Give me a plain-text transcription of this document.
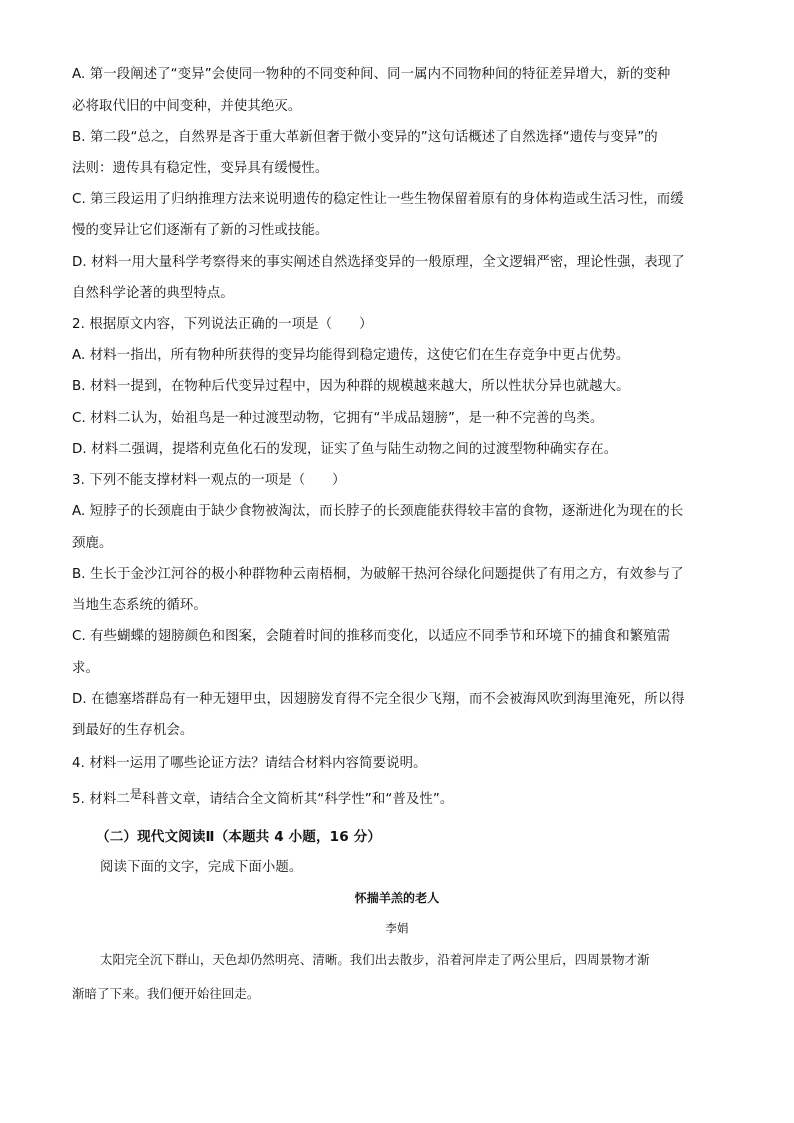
A. 第一段阐述了“变异”会使同一物种的不同变种间、同一属内不同物种间的特征差异增大，新的变种
必将取代旧的中间变种，并使其绝灭。
B. 第二段“总之，自然界是吝于重大革新但奢于微小变异的”这句话概述了自然选择“遗传与变异”的
法则：遗传具有稳定性，变异具有缓慢性。
C. 第三段运用了归纳推理方法来说明遗传的稳定性让一些生物保留着原有的身体构造或生活习性，而缓
慢的变异让它们逐渐有了新的习性或技能。
D. 材料一用大量科学考察得来的事实阐述自然选择变异的一般原理，全文逻辑严密，理论性强，表现了
自然科学论著的典型特点。
2. 根据原文内容，下列说法正确的一项是（　　）
A. 材料一指出，所有物种所获得的变异均能得到稳定遗传，这使它们在生存竞争中更占优势。
B. 材料一提到，在物种后代变异过程中，因为种群的规模越来越大，所以性状分异也就越大。
C. 材料二认为，始祖鸟是一种过渡型动物，它拥有“半成品翅膀”，是一种不完善的鸟类。
D. 材料二强调，提塔利克鱼化石的发现，证实了鱼与陆生动物之间的过渡型物种确实存在。
3. 下列不能支撑材料一观点的一项是（　　）
A. 短脖子的长颈鹿由于缺少食物被淘汰，而长脖子的长颈鹿能获得较丰富的食物，逐渐进化为现在的长
颈鹿。
B. 生长于金沙江河谷的极小种群物种云南梧桐，为破解干热河谷绿化问题提供了有用之方，有效参与了
当地生态系统的循环。
C. 有些蝴蝶的翅膀颜色和图案，会随着时间的推移而变化，以适应不同季节和环境下的捕食和繁殖需
求。
D. 在德塞塔群岛有一种无翅甲虫，因翅膀发育得不完全很少飞翔，而不会被海风吹到海里淹死，所以得
到最好的生存机会。
4. 材料一运用了哪些论证方法？请结合材料内容简要说明。
5. 材料二是科普文章，请结合全文简析其“科学性”和“普及性”。
（二）现代文阅读Ⅱ（本题共 4 小题，16 分）
阅读下面的文字，完成下面小题。
怀揣羊羔的老人
李娟
太阳完全沉下群山，天色却仍然明亮、清晰。我们出去散步，沿着河岸走了两公里后，四周景物才渐
渐暗了下来。我们便开始往回走。
